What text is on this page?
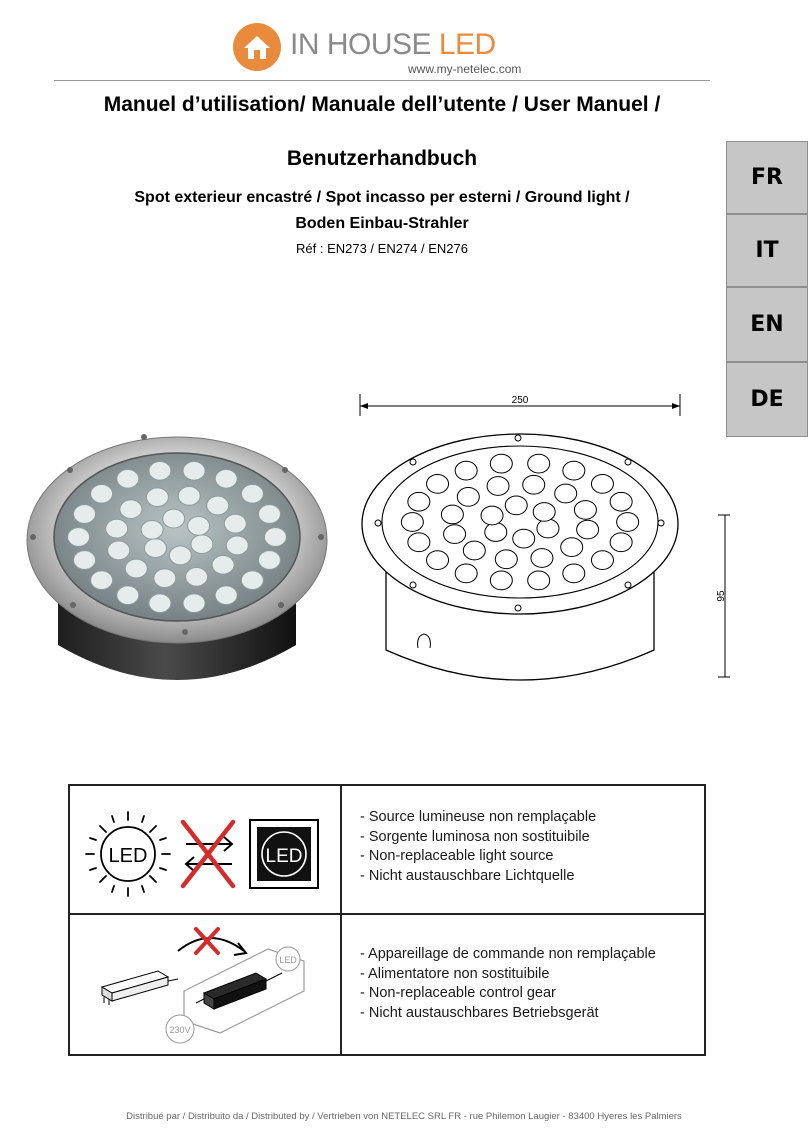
IN HOUSE LED
www.my-netelec.com
Manuel d’utilisation/ Manuale dell’utente / User Manuel /
Benutzerhandbuch
Spot exterieur encastré / Spot incasso per esterni / Ground light /
Boden Einbau-Strahler
Réf : EN273 / EN274 / EN276
FR
IT
EN
DE
250
95
LED	LED
- Source lumineuse non remplaçable
- Sorgente luminosa non sostituibile
- Non-replaceable light source
- Nicht austauschbare Lichtquelle
LED
230V
- Appareillage de commande non remplaçable
- Alimentatore non sostituibile
- Non-replaceable control gear
- Nicht austauschbares Betriebsgerät
Distribué par / Distribuito da / Distributed by / Vertrieben von NETELEC SRL FR - rue Philemon Laugier - 83400 Hyeres les Palmiers
